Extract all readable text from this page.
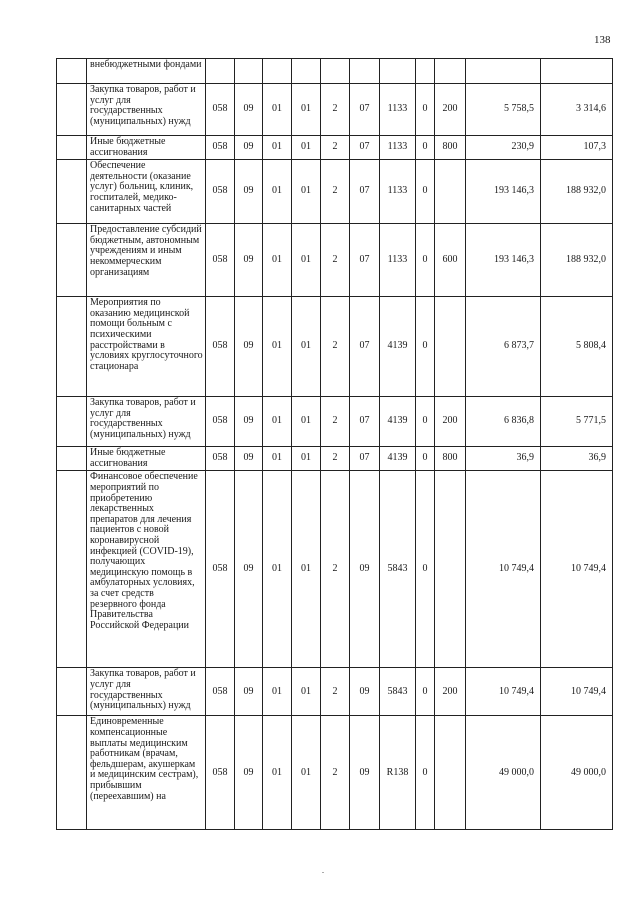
138
	внебюджетными фондами											
	Закупка товаров, работ и услуг для государственных (муниципальных) нужд	058	09	01	01	2	07	1133	0	200	5 758,5	3 314,6
	Иные бюджетные ассигнования	058	09	01	01	2	07	1133	0	800	230,9	107,3
	Обеспечение деятельности (оказание услуг) больниц, клиник, госпиталей, медико-санитарных частей	058	09	01	01	2	07	1133	0		193 146,3	188 932,0
	Предоставление субсидий бюджетным, автономным учреждениям и иным некоммерческим организациям	058	09	01	01	2	07	1133	0	600	193 146,3	188 932,0
	Мероприятия по оказанию медицинской помощи больным с психическими расстройствами в условиях круглосуточного стационара	058	09	01	01	2	07	4139	0		6 873,7	5 808,4
	Закупка товаров, работ и услуг для государственных (муниципальных) нужд	058	09	01	01	2	07	4139	0	200	6 836,8	5 771,5
	Иные бюджетные ассигнования	058	09	01	01	2	07	4139	0	800	36,9	36,9
	Финансовое обеспечение мероприятий по приобретению лекарственных препаратов для лечения пациентов с новой коронавирусной инфекцией (COVID-19), получающих медицинскую помощь в амбулаторных условиях, за счет средств резервного фонда Правительства Российской Федерации	058	09	01	01	2	09	5843	0		10 749,4	10 749,4
	Закупка товаров, работ и услуг для государственных (муниципальных) нужд	058	09	01	01	2	09	5843	0	200	10 749,4	10 749,4
	Единовременные компенсационные выплаты медицинским работникам (врачам, фельдшерам, акушеркам и медицинским сестрам), прибывшим (переехавшим) на	058	09	01	01	2	09	R138	0		49 000,0	49 000,0
.
